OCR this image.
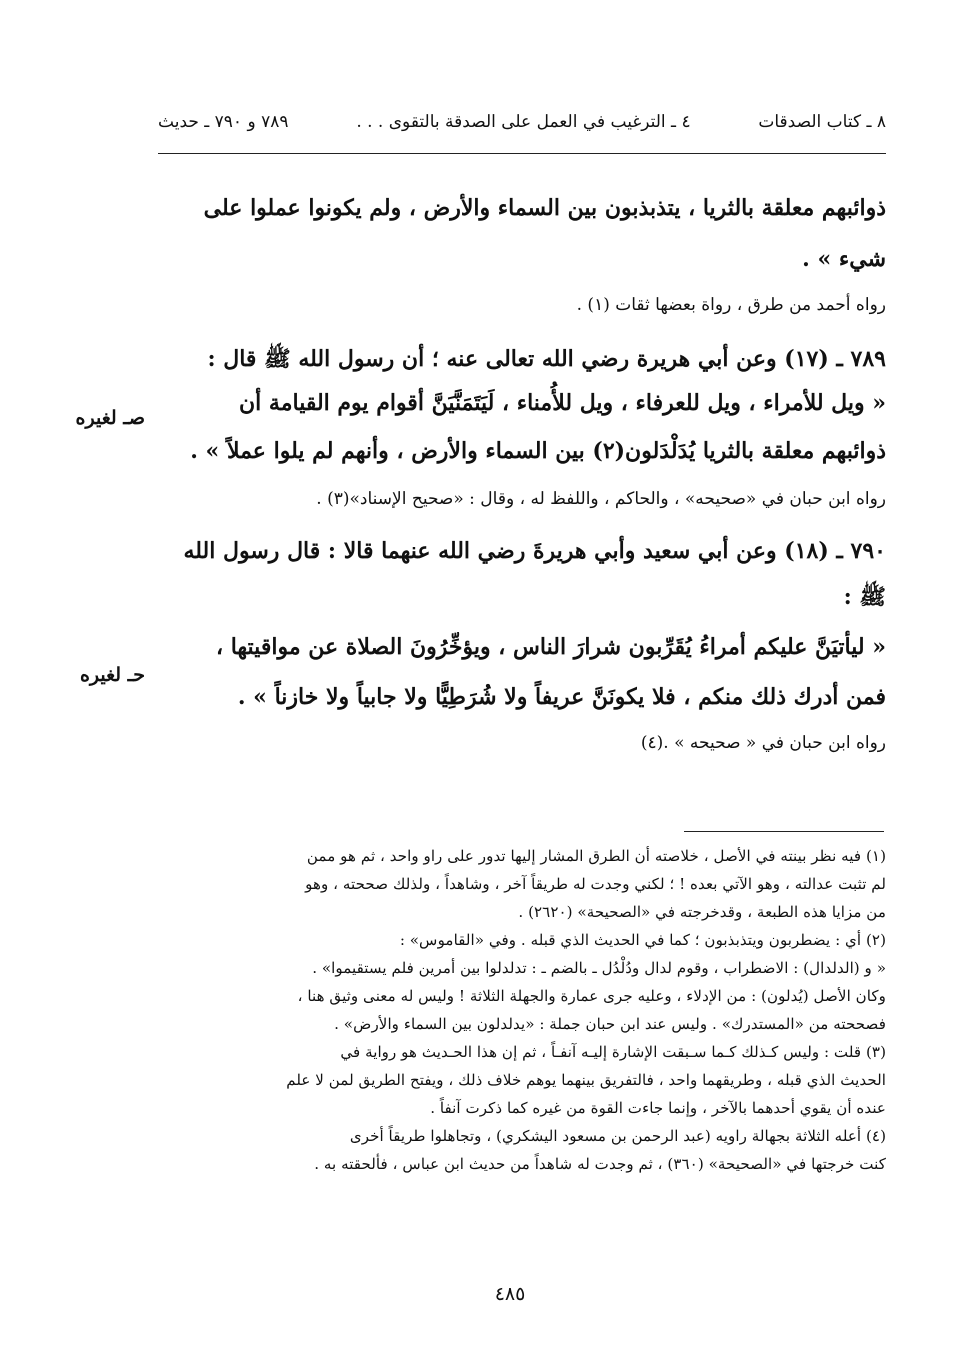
٨ ـ كتاب الصدقات
٤ ـ الترغيب في العمل على الصدقة بالتقوى . . .
٧٨٩ و ٧٩٠ ـ حديث

ذوائبهم معلقة بالثريا ، يتذبذبون بين السماء والأرض ، ولم يكونوا عملوا على

شيء » .

رواه أحمد من طرق ، رواة بعضها ثقات (١) .

٧٨٩ ـ (١٧) وعن أبي هريرة رضي الله تعالى عنه ؛ أن رسول الله ﷺ قال :

« ويل للأمراء ، ويل للعرفاء ، ويل للأُمناء ، لَيَتَمَنَّيَنَّ أقوام يوم القيامة أن

ذوائبهم معلقة بالثريا يُدَلْدَلون(٢) بين السماء والأرض ، وأنهم لم يلوا عملاً » .

رواه ابن حبان في «صحيحه» ، والحاكم ، واللفظ له ، وقال : «صحيح الإسناد»(٣) .

٧٩٠ ـ (١٨) وعن أبي سعيد وأبي هريرةَ رضي الله عنهما قالا : قال رسول الله

ﷺ :

« ليأتيَنَّ عليكم أمراءُ يُقَرِّبون شرارَ الناس ، ويؤخِّرُونَ الصلاة عن مواقيتها ،

فمن أدرك ذلك منكم ، فلا يكونَنَّ عريفاً ولا شُرَطِيًّا ولا جابياً ولا خازناً » .

رواه ابن حبان في « صحيحه » .(٤)

صـ لغيره
حـ لغيره

(١) فيه نظر بينته في الأصل ، خلاصته أن الطرق المشار إليها تدور على راو واحد ، ثم هو ممن

لم تثبت عدالته ، وهو الآتي بعده ! ؛ لكني وجدت له طريقاً آخر ، وشاهداً ، ولذلك صححته ، وهو

من مزايا هذه الطبعة ، وقدخرجته في «الصحيحة» (٢٦٢٠) .

(٢) أي : يضطربون ويتذبذبون ؛ كما في الحديث الذي قبله . وفي «القاموس» :

« و (الدلدال) : الاضطراب ، وقوم لدال ودُلْدُل ـ بالضم ـ : تدلدلوا بين أمرين فلم يستقيموا» .

وكان الأصل (يُدلون) : من الإدلاء ، وعليه جرى عمارة والجهلة الثلاثة ! وليس له معنى وثيق هنا ،

فصححته من «المستدرك» . وليس عند ابن حبان جملة : «يدلدلون بين السماء والأرض» .

(٣) قلت : وليس كـذلك كـما سـبقت الإشارة إليـه آنفـاً ، ثم إن هذا الحـديث هو رواية في

الحديث الذي قبله ، وطريقهما واحد ، فالتفريق بينهما يوهم خلاف ذلك ، ويفتح الطريق لمن لا علم

عنده أن يقوي أحدهما بالآخر ، وإنما جاءت القوة من غيره كما ذكرت آنفاً .

(٤) أعله الثلاثة بجهالة راويه (عبد الرحمن بن مسعود اليشكري) ، وتجاهلوا طريقاً أخرى

كنت خرجتها في «الصحيحة» (٣٦٠) ، ثم وجدت له شاهداً من حديث ابن عباس ، فألحقته به .

٤٨٥
